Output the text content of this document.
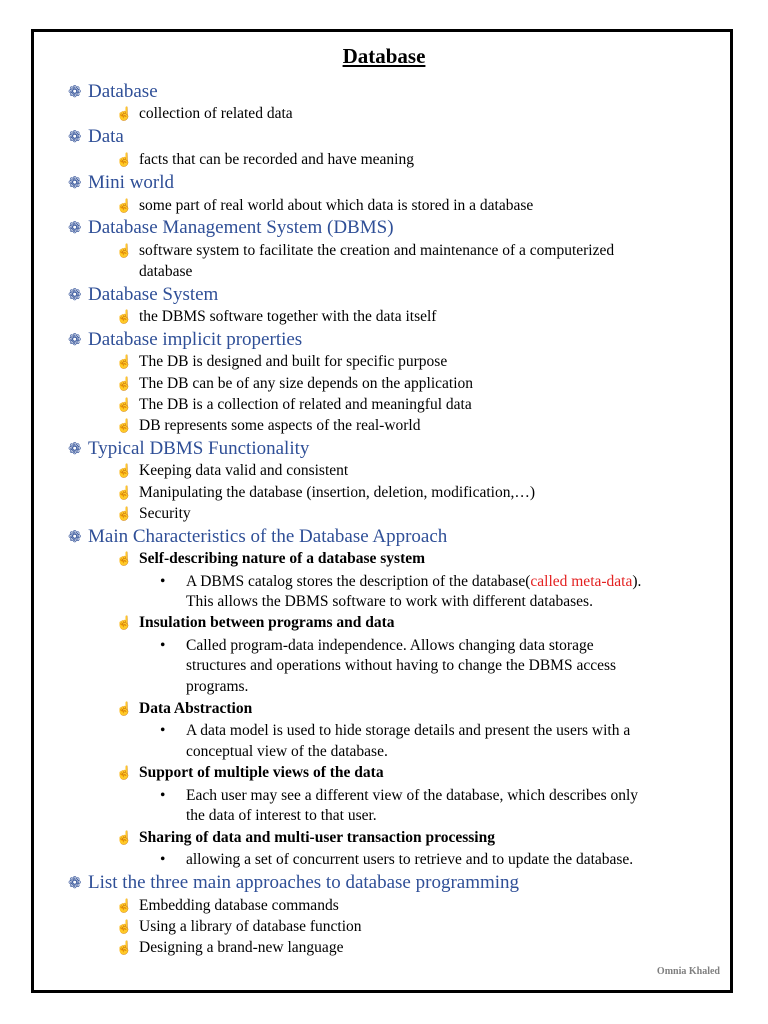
Database
❁ Database
☝ collection of related data
❁ Data
☝ facts that can be recorded and have meaning
❁ Mini world
☝ some part of real world about which data is stored in a database
❁ Database Management System (DBMS)
☝ software system to facilitate the creation and maintenance of a computerized
database
❁ Database System
☝ the DBMS software together with the data itself
❁ Database implicit properties
☝ The DB is designed and built for specific purpose
☝ The DB can be of any size depends on the application
☝ The DB is a collection of related and meaningful data
☝ DB represents some aspects of the real-world
❁ Typical DBMS Functionality
☝ Keeping data valid and consistent
☝ Manipulating the database (insertion, deletion, modification,…)
☝ Security
❁ Main Characteristics of the Database Approach
☝ Self-describing nature of a database system
• A DBMS catalog stores the description of the database(called meta-data).
This allows the DBMS software to work with different databases.
☝ Insulation between programs and data
• Called program-data independence. Allows changing data storage
structures and operations without having to change the DBMS access
programs.
☝ Data Abstraction
• A data model is used to hide storage details and present the users with a
conceptual view of the database.
☝ Support of multiple views of the data
• Each user may see a different view of the database, which describes only
the data of interest to that user.
☝ Sharing of data and multi-user transaction processing
• allowing a set of concurrent users to retrieve and to update the database.
❁ List the three main approaches to database programming
☝ Embedding database commands
☝ Using a library of database function
☝ Designing a brand-new language
Omnia Khaled
